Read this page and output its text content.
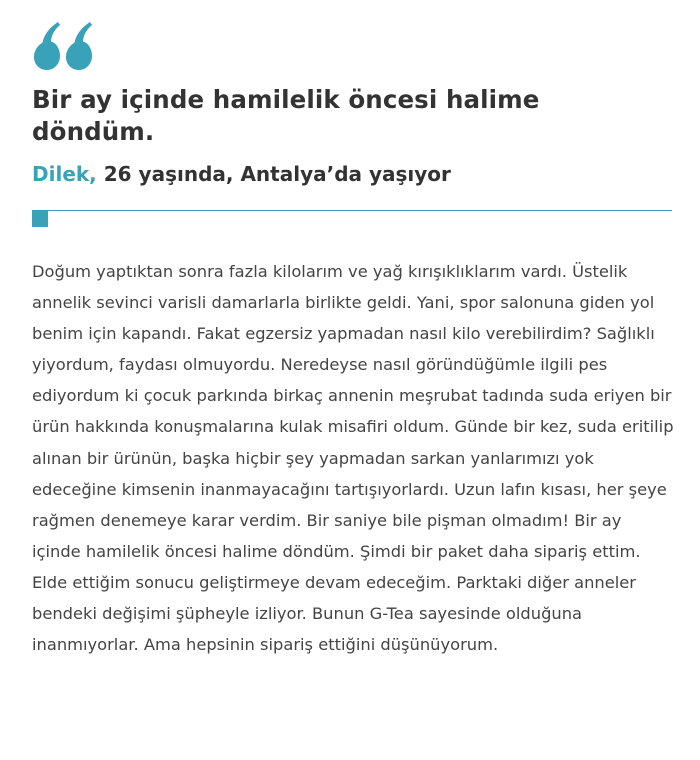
Bir ay içinde hamilelik öncesi halime döndüm.

Dilek, 26 yaşında, Antalya’da yaşıyor

Doğum yaptıktan sonra fazla kilolarım ve yağ kırışıklıklarım vardı. Üstelik annelik sevinci varisli damarlarla birlikte geldi. Yani, spor salonuna giden yol benim için kapandı. Fakat egzersiz yapmadan nasıl kilo verebilirdim? Sağlıklı yiyordum, faydası olmuyordu. Neredeyse nasıl göründüğümle ilgili pes ediyordum ki çocuk parkında birkaç annenin meşrubat tadında suda eriyen bir ürün hakkında konuşmalarına kulak misafiri oldum. Günde bir kez, suda eritilip alınan bir ürünün, başka hiçbir şey yapmadan sarkan yanlarımızı yok edeceğine kimsenin inanmayacağını tartışıyorlardı. Uzun lafın kısası, her şeye rağmen denemeye karar verdim. Bir saniye bile pişman olmadım! Bir ay içinde hamilelik öncesi halime döndüm. Şimdi bir paket daha sipariş ettim. Elde ettiğim sonucu geliştirmeye devam edeceğim. Parktaki diğer anneler bendeki değişimi şüpheyle izliyor. Bunun G-Tea sayesinde olduğuna inanmıyorlar. Ama hepsinin sipariş ettiğini düşünüyorum.
